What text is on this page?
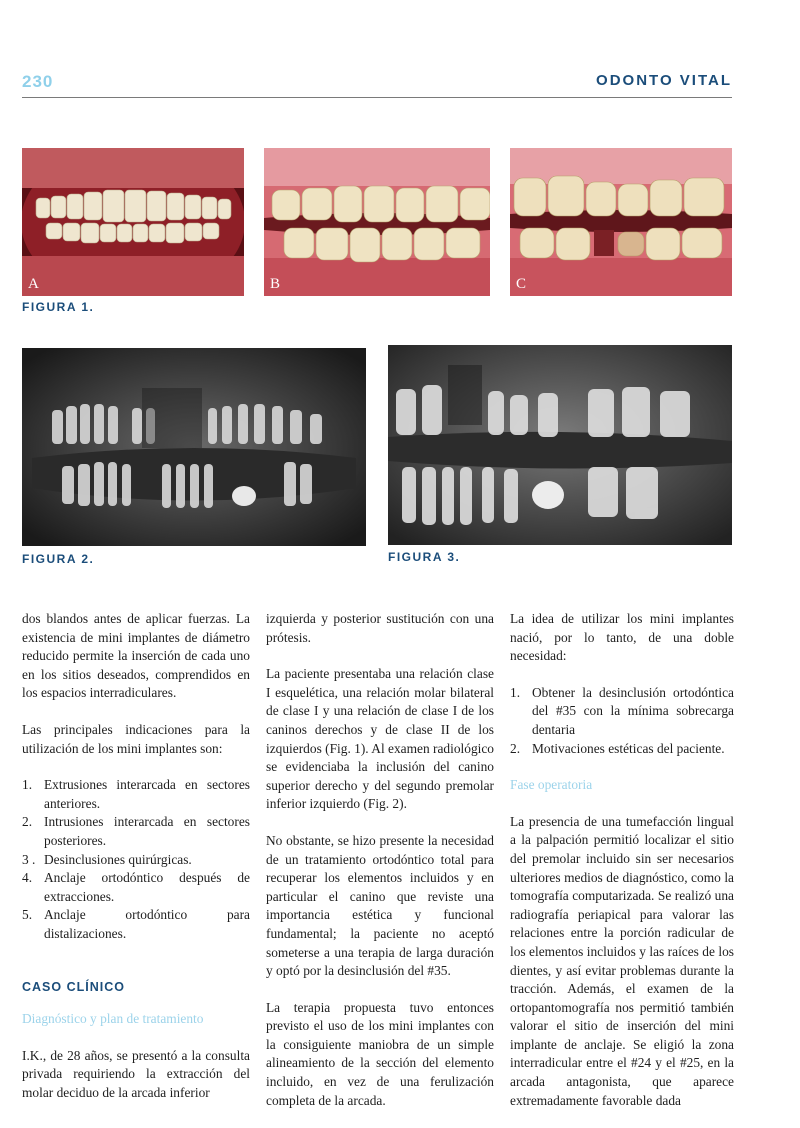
230	ODONTO VITAL
A	B	C
FIGURA 1.
FIGURA 2.	FIGURA 3.

dos blandos antes de aplicar fuerzas. La existencia de mini implantes de diámetro reducido permite la inserción de cada uno en los sitios deseados, comprendidos en los espacios interradiculares.

Las principales indicaciones para la utilización de los mini implantes son:

1. Extrusiones interarcada en sectores anteriores.
2. Intrusiones interarcada en sectores posteriores.
3 . Desinclusiones quirúrgicas.
4. Anclaje ortodóntico después de extracciones.
5. Anclaje ortodóntico para distalizaciones.
CASO CLÍNICO
Diagnóstico y plan de tratamiento

I.K., de 28 años, se presentó a la consulta privada requiriendo la extracción del molar deciduo de la arcada inferior

izquierda y posterior sustitución con una prótesis.

La paciente presentaba una relación clase I esquelética, una relación molar bilateral de clase I y una relación de clase I de los caninos derechos y de clase II de los izquierdos (Fig. 1). Al examen radiológico se evidenciaba la inclusión del canino superior derecho y del segundo premolar inferior izquierdo (Fig. 2).

No obstante, se hizo presente la necesidad de un tratamiento ortodóntico total para recuperar los elementos incluidos y en particular el canino que reviste una importancia estética y funcional fundamental; la paciente no aceptó someterse a una terapia de larga duración y optó por la desinclusión del #35.

La terapia propuesta tuvo entonces previsto el uso de los mini implantes con la consiguiente maniobra de un simple alineamiento de la sección del elemento incluido, en vez de una ferulización completa de la arcada.

La idea de utilizar los mini implantes nació, por lo tanto, de una doble necesidad:

1. Obtener la desinclusión ortodóntica del #35 con la mínima sobrecarga dentaria
2. Motivaciones estéticas del paciente.
Fase operatoria

La presencia de una tumefacción lingual a la palpación permitió localizar el sitio del premolar incluido sin ser necesarios ulteriores medios de diagnóstico, como la tomografía computarizada. Se realizó una radiografía periapical para valorar las relaciones entre la porción radicular de los elementos incluidos y las raíces de los dientes, y así evitar problemas durante la tracción. Además, el examen de la ortopantomografía nos permitió también valorar el sitio de inserción del mini implante de anclaje. Se eligió la zona interradicular entre el #24 y el #25, en la arcada antagonista, que aparece extremadamente favorable dada
